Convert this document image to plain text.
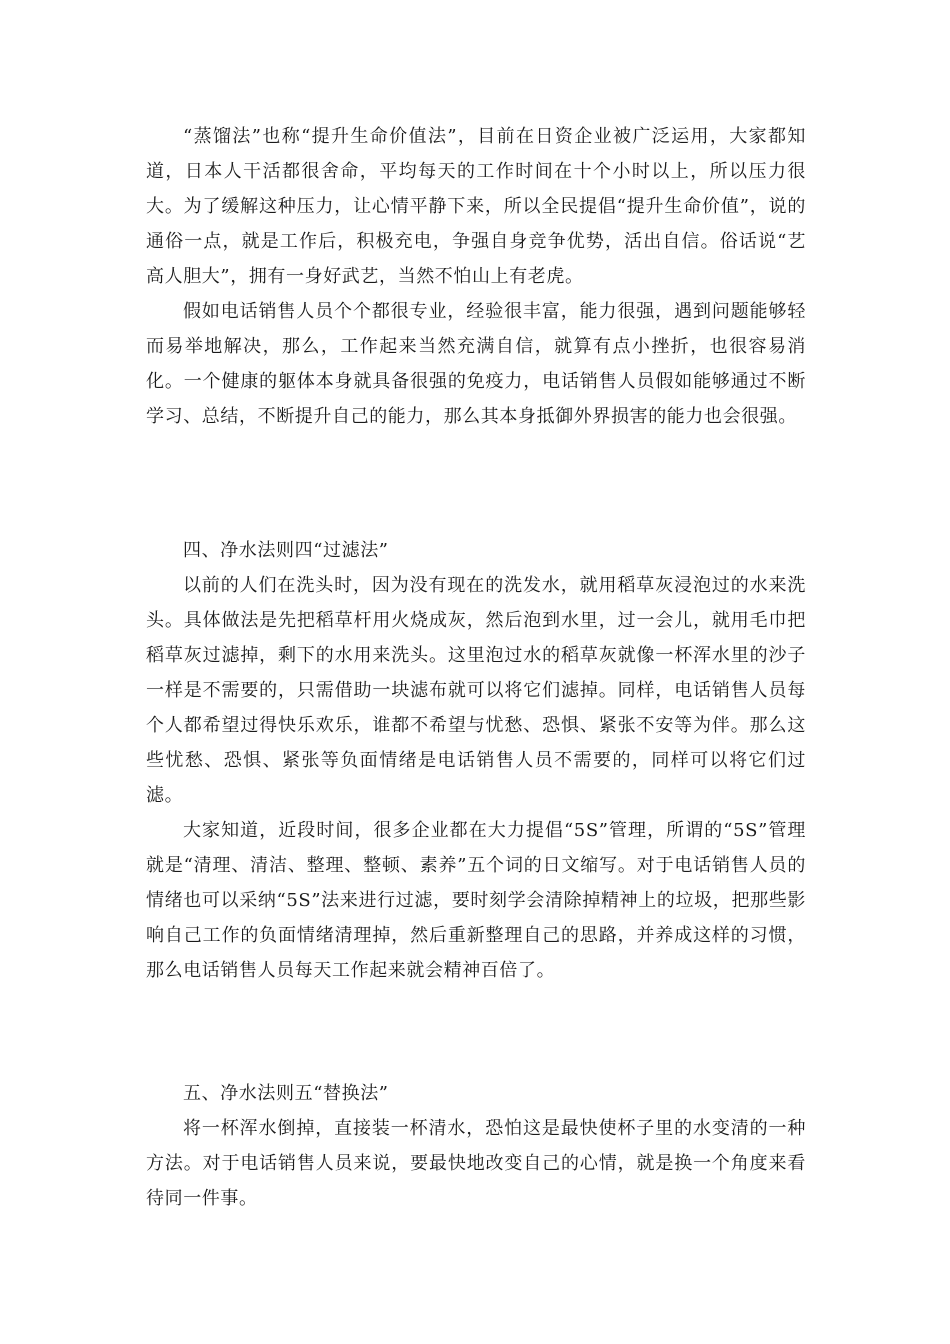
“蒸馏法”也称“提升生命价值法”，目前在日资企业被广泛运用，大家都知道，日本人干活都很舍命，平均每天的工作时间在十个小时以上，所以压力很大。为了缓解这种压力，让心情平静下来，所以全民提倡“提升生命价值”，说的通俗一点，就是工作后，积极充电，争强自身竞争优势，活出自信。俗话说“艺高人胆大”，拥有一身好武艺，当然不怕山上有老虎。

假如电话销售人员个个都很专业，经验很丰富，能力很强，遇到问题能够轻而易举地解决，那么，工作起来当然充满自信，就算有点小挫折，也很容易消化。一个健康的躯体本身就具备很强的免疫力，电话销售人员假如能够通过不断学习、总结，不断提升自己的能力，那么其本身抵御外界损害的能力也会很强。

四、净水法则四“过滤法”

以前的人们在洗头时，因为没有现在的洗发水，就用稻草灰浸泡过的水来洗头。具体做法是先把稻草杆用火烧成灰，然后泡到水里，过一会儿，就用毛巾把稻草灰过滤掉，剩下的水用来洗头。这里泡过水的稻草灰就像一杯浑水里的沙子一样是不需要的，只需借助一块滤布就可以将它们滤掉。同样，电话销售人员每个人都希望过得快乐欢乐，谁都不希望与忧愁、恐惧、紧张不安等为伴。那么这些忧愁、恐惧、紧张等负面情绪是电话销售人员不需要的，同样可以将它们过滤。

大家知道，近段时间，很多企业都在大力提倡“5S”管理，所谓的“5S”管理就是“清理、清洁、整理、整顿、素养”五个词的日文缩写。对于电话销售人员的情绪也可以采纳“5S”法来进行过滤，要时刻学会清除掉精神上的垃圾，把那些影响自己工作的负面情绪清理掉，然后重新整理自己的思路，并养成这样的习惯，那么电话销售人员每天工作起来就会精神百倍了。

五、净水法则五“替换法”

将一杯浑水倒掉，直接装一杯清水，恐怕这是最快使杯子里的水变清的一种方法。对于电话销售人员来说，要最快地改变自己的心情，就是换一个角度来看待同一件事。
